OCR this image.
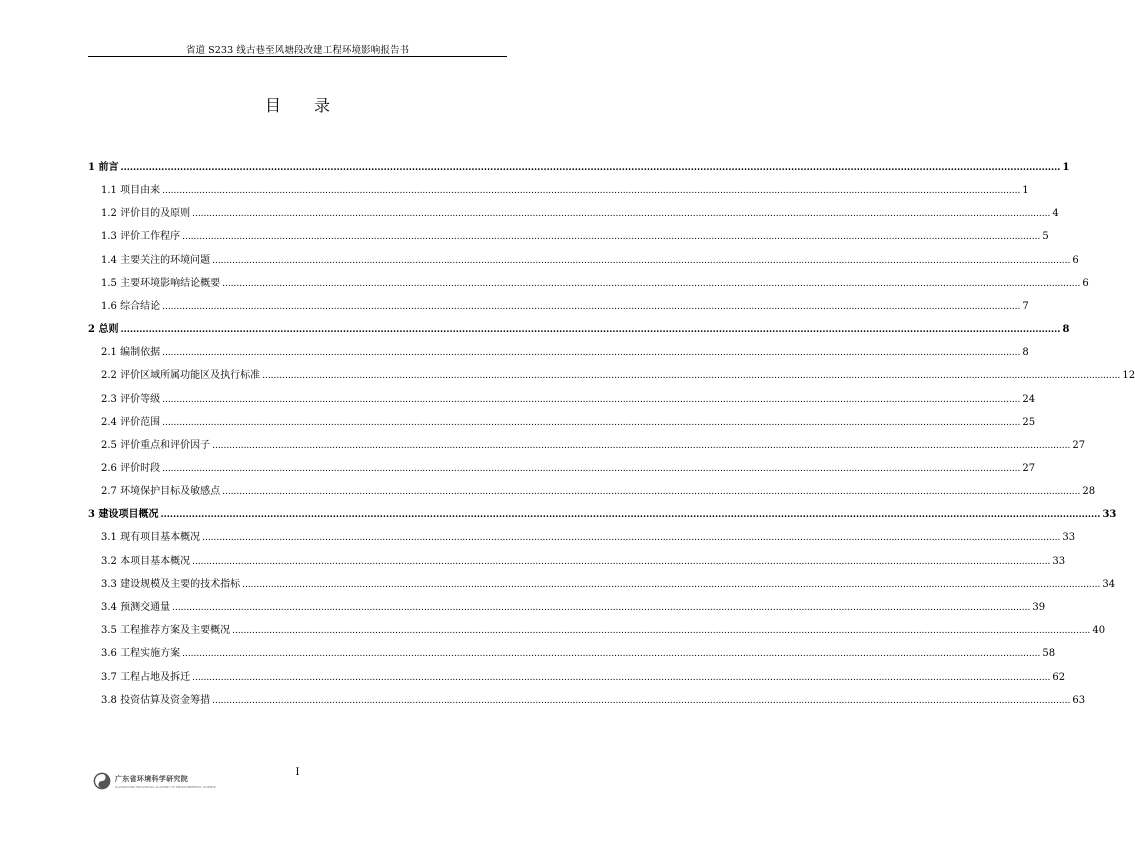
省道 S233 线古巷至风塘段改建工程环境影响报告书
目 录
1 前言 ............................................................................................................................................................................................................................................................................................................ 1
1.1 项目由来 ............................................................................................................................................................................................................................................................................................................ 1
1.2 评价目的及原则 ............................................................................................................................................................................................................................................................................................................ 4
1.3 评价工作程序 ............................................................................................................................................................................................................................................................................................................ 5
1.4 主要关注的环境问题 ............................................................................................................................................................................................................................................................................................................ 6
1.5 主要环境影响结论概要 ............................................................................................................................................................................................................................................................................................................ 6
1.6 综合结论 ............................................................................................................................................................................................................................................................................................................ 7
2 总则 ............................................................................................................................................................................................................................................................................................................ 8
2.1 编制依据 ............................................................................................................................................................................................................................................................................................................ 8
2.2 评价区域所属功能区及执行标准 ............................................................................................................................................................................................................................................................................................................ 12
2.3 评价等级 ............................................................................................................................................................................................................................................................................................................ 24
2.4 评价范围 ............................................................................................................................................................................................................................................................................................................ 25
2.5 评价重点和评价因子 ............................................................................................................................................................................................................................................................................................................ 27
2.6 评价时段 ............................................................................................................................................................................................................................................................................................................ 27
2.7 环境保护目标及敏感点 ............................................................................................................................................................................................................................................................................................................ 28
3 建设项目概况 ............................................................................................................................................................................................................................................................................................................ 33
3.1 现有项目基本概况 ............................................................................................................................................................................................................................................................................................................ 33
3.2 本项目基本概况 ............................................................................................................................................................................................................................................................................................................ 33
3.3 建设规模及主要的技术指标 ............................................................................................................................................................................................................................................................................................................ 34
3.4 预测交通量 ............................................................................................................................................................................................................................................................................................................ 39
3.5 工程推荐方案及主要概况 ............................................................................................................................................................................................................................................................................................................ 40
3.6 工程实施方案 ............................................................................................................................................................................................................................................................................................................ 58
3.7 工程占地及拆迁 ............................................................................................................................................................................................................................................................................................................ 62
3.8 投资估算及资金筹措 ............................................................................................................................................................................................................................................................................................................ 63
广东省环境科学研究院
GUANGDONG PROVINCIAL ACADEMY OF ENVIRONMENTAL SCIENCE
I
